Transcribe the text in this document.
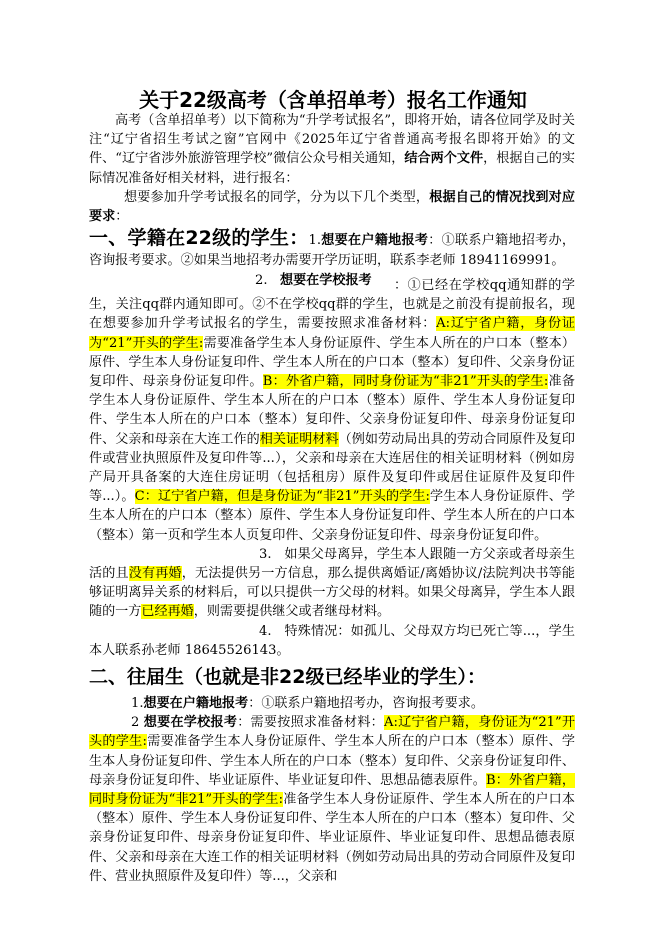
关于22级高考（含单招单考）报名工作通知

高考（含单招单考）以下简称为“升学考试报名”，即将开始，请各位同学及时关注“辽宁省招生考试之窗”官网中《2025年辽宁省普通高考报名即将开始》的文件、“辽宁省涉外旅游管理学校”微信公众号相关通知，结合两个文件，根据自己的实际情况准备好相关材料，进行报名：

想要参加升学考试报名的同学，分为以下几个类型，根据自己的情况找到对应要求：

一、学籍在22级的学生：1.想要在户籍地报考：①联系户籍地招考办，咨询报考要求。②如果当地招考办需要开学历证明，联系李老师 18941169991。

2. 想要在学校报考	：①已经在学校qq通知群的学生，关注qq群内通知即可。②不在学校qq群的学生，也就是之前没有提前报名，现在想要参加升学考试报名的学生，需要按照求准备材料：A:辽宁省户籍，身份证为“21”开头的学生:需要准备学生本人身份证原件、学生本人所在的户口本（整本）原件、学生本人身份证复印件、学生本人所在的户口本（整本）复印件、父亲身份证复印件、母亲身份证复印件。B：外省户籍，同时身份证为“非21”开头的学生:准备学生本人身份证原件、学生本人所在的户口本（整本）原件、学生本人身份证复印件、学生本人所在的户口本（整本）复印件、父亲身份证复印件、母亲身份证复印件、父亲和母亲在大连工作的相关证明材料（例如劳动局出具的劳动合同原件及复印件或营业执照原件及复印件等...），父亲和母亲在大连居住的相关证明材料（例如房产局开具备案的大连住房证明（包括租房）原件及复印件或居住证原件及复印件等...）。C：辽宁省户籍，但是身份证为“非21”开头的学生:学生本人身份证原件、学生本人所在的户口本（整本）原件、学生本人身份证复印件、学生本人所在的户口本（整本）第一页和学生本人页复印件、父亲身份证复印件、母亲身份证复印件。

3. 如果父母离异，学生本人跟随一方父亲或者母亲生活的且没有再婚，无法提供另一方信息，那么提供离婚证/离婚协议/法院判决书等能够证明离异关系的材料后，可以只提供一方父母的材料。如果父母离异，学生本人跟随的一方已经再婚，则需要提供继父或者继母材料。

4. 特殊情况：如孤儿、父母双方均已死亡等...，学生本人联系孙老师 18645526143。

二、往届生（也就是非22级已经毕业的学生）：

1.想要在户籍地报考：①联系户籍地招考办，咨询报考要求。

2 想要在学校报考：需要按照求准备材料：A:辽宁省户籍，身份证为“21”开头的学生:需要准备学生本人身份证原件、学生本人所在的户口本（整本）原件、学生本人身份证复印件、学生本人所在的户口本（整本）复印件、父亲身份证复印件、母亲身份证复印件、毕业证原件、毕业证复印件、思想品德表原件。B：外省户籍，同时身份证为“非21”开头的学生:准备学生本人身份证原件、学生本人所在的户口本（整本）原件、学生本人身份证复印件、学生本人所在的户口本（整本）复印件、父亲身份证复印件、母亲身份证复印件、毕业证原件、毕业证复印件、思想品德表原件、父亲和母亲在大连工作的相关证明材料（例如劳动局出具的劳动合同原件及复印件、营业执照原件及复印件）等...，父亲和
